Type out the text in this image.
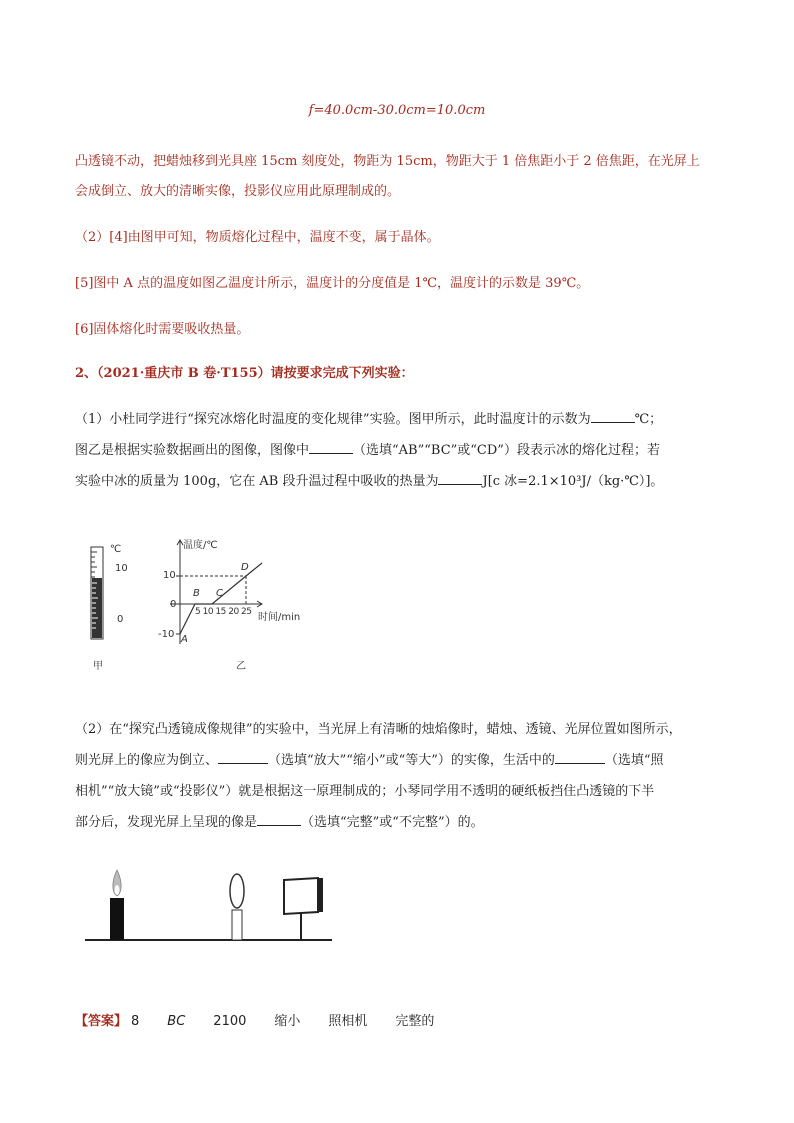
f=40.0cm-30.0cm=10.0cm
凸透镜不动，把蜡烛移到光具座 15cm 刻度处，物距为 15cm，物距大于 1 倍焦距小于 2 倍焦距，在光屏上
会成倒立、放大的清晰实像，投影仪应用此原理制成的。
（2）[4]由图甲可知，物质熔化过程中，温度不变，属于晶体。
[5]图中 A 点的温度如图乙温度计所示，温度计的分度值是 1℃，温度计的示数是 39℃。
[6]固体熔化时需要吸收热量。
2、（2021·重庆市 B 卷·T155）请按要求完成下列实验：
（1）小杜同学进行“探究冰熔化时温度的变化规律”实验。图甲所示，此时温度计的示数为	℃；
图乙是根据实验数据画出的图像，图像中	（选填“AB”“BC”或“CD”）段表示冰的熔化过程；若
实验中冰的质量为 100g，它在 AB 段升温过程中吸收的热量为	J[c 冰=2.1×10³J/（kg·℃）]。
℃
10
0
甲
温度/℃
10
0
-10
5 10 15 20 25 时间/min
A
B C
D
乙
（2）在“探究凸透镜成像规律”的实验中，当光屏上有清晰的烛焰像时，蜡烛、透镜、光屏位置如图所示，
则光屏上的像应为倒立、	（选填“放大”“缩小”或“等大”）的实像，生活中的	（选填“照
相机”“放大镜”或“投影仪”）就是根据这一原理制成的；小琴同学用不透明的硬纸板挡住凸透镜的下半
部分后，发现光屏上呈现的像是	（选填“完整”或“不完整”）的。
【答案】 8 BC 2100 缩小 照相机 完整的
